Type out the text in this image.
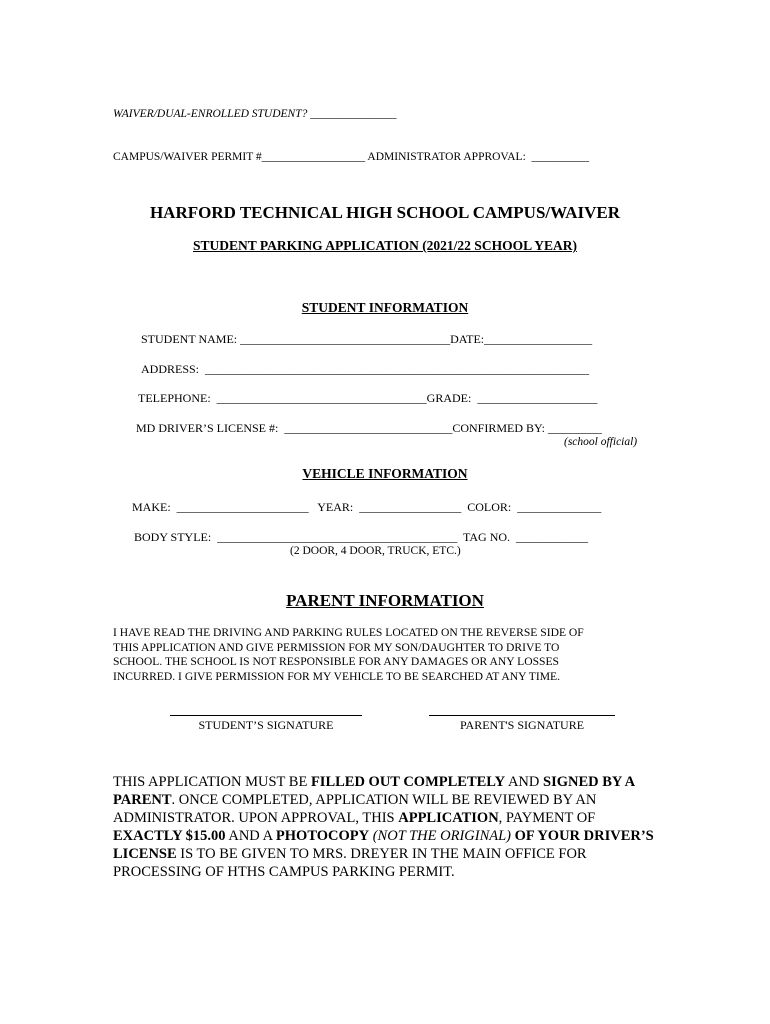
WAIVER/DUAL-ENROLLED STUDENT? _______________
CAMPUS/WAIVER PERMIT #__________________ ADMINISTRATOR APPROVAL:  __________
HARFORD TECHNICAL HIGH SCHOOL CAMPUS/WAIVER
STUDENT PARKING APPLICATION (2021/22 SCHOOL YEAR)
STUDENT INFORMATION
STUDENT NAME: ___________________________________DATE:__________________
ADDRESS:  ________________________________________________________________
TELEPHONE:  ___________________________________GRADE:  ____________________
MD DRIVER’S LICENSE #:  ____________________________CONFIRMED BY: _________
(school official)
VEHICLE INFORMATION
MAKE:  ______________________   YEAR:  _________________  COLOR:  ______________
BODY STYLE:  ________________________________________  TAG NO.  ____________
(2 DOOR, 4 DOOR, TRUCK, ETC.)
PARENT INFORMATION
I HAVE READ THE DRIVING AND PARKING RULES LOCATED ON THE REVERSE SIDE OF
THIS APPLICATION AND GIVE PERMISSION FOR MY SON/DAUGHTER TO DRIVE TO
SCHOOL. THE SCHOOL IS NOT RESPONSIBLE FOR ANY DAMAGES OR ANY LOSSES
INCURRED. I GIVE PERMISSION FOR MY VEHICLE TO BE SEARCHED AT ANY TIME.
STUDENT’S SIGNATURE	PARENT'S SIGNATURE
THIS APPLICATION MUST BE FILLED OUT COMPLETELY AND SIGNED BY A PARENT. ONCE COMPLETED, APPLICATION WILL BE REVIEWED BY AN ADMINISTRATOR. UPON APPROVAL, THIS APPLICATION, PAYMENT OF EXACTLY $15.00 AND A PHOTOCOPY (NOT THE ORIGINAL) OF YOUR DRIVER’S LICENSE IS TO BE GIVEN TO MRS. DREYER IN THE MAIN OFFICE FOR PROCESSING OF HTHS CAMPUS PARKING PERMIT.
